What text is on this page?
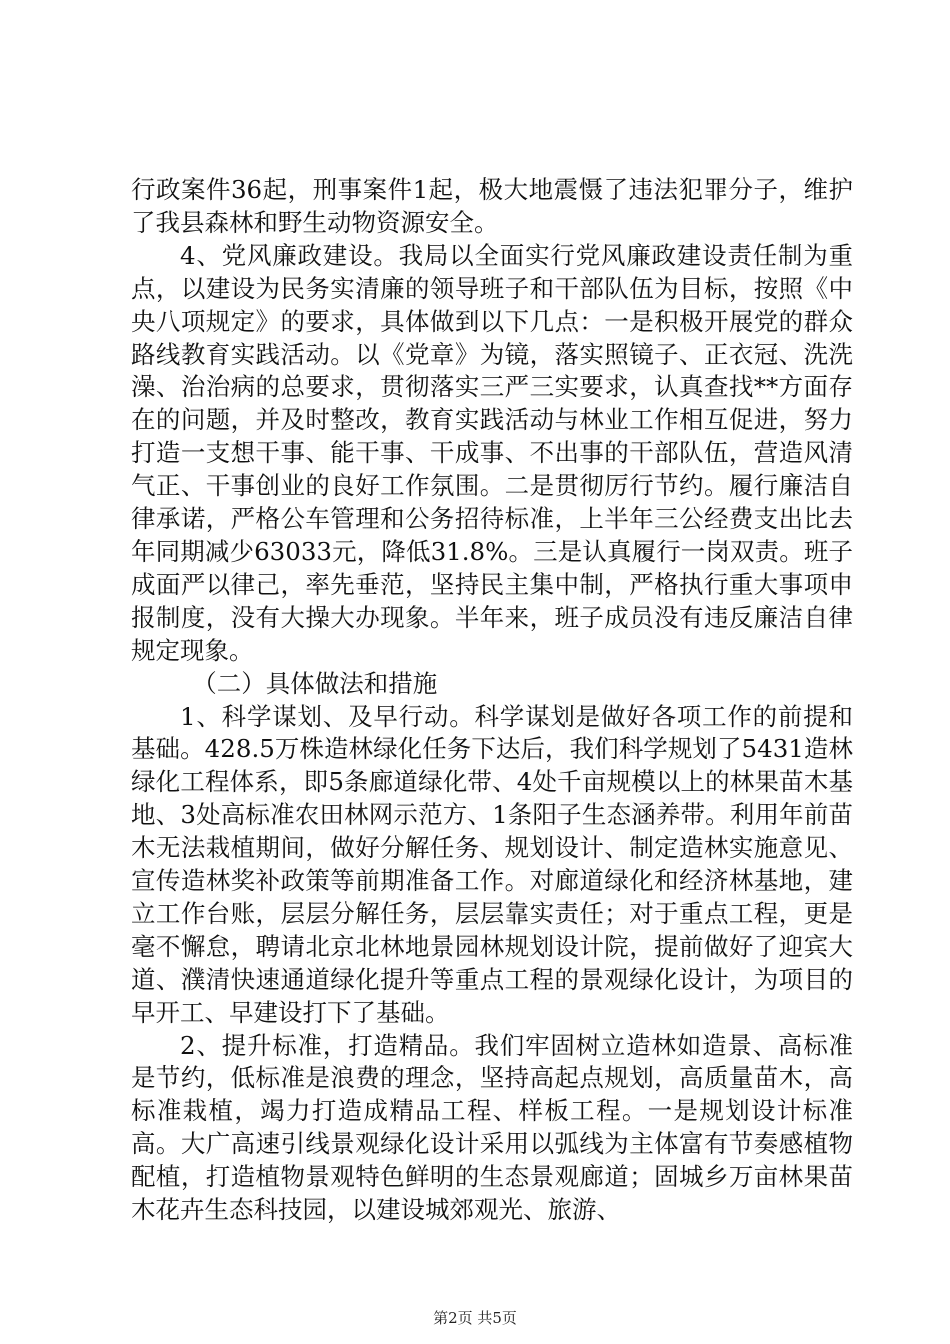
行政案件36起，刑事案件1起，极大地震慑了违法犯罪分子，维护了我县森林和野生动物资源安全。

4、党风廉政建设。我局以全面实行党风廉政建设责任制为重点，以建设为民务实清廉的领导班子和干部队伍为目标，按照《中央八项规定》的要求，具体做到以下几点：一是积极开展党的群众路线教育实践活动。以《党章》为镜，落实照镜子、正衣冠、洗洗澡、治治病的总要求，贯彻落实三严三实要求，认真查找**方面存在的问题，并及时整改，教育实践活动与林业工作相互促进，努力打造一支想干事、能干事、干成事、不出事的干部队伍，营造风清气正、干事创业的良好工作氛围。二是贯彻厉行节约。履行廉洁自律承诺，严格公车管理和公务招待标准，上半年三公经费支出比去年同期减少63033元，降低31.8%。三是认真履行一岗双责。班子成面严以律己，率先垂范，坚持民主集中制，严格执行重大事项申报制度，没有大操大办现象。半年来，班子成员没有违反廉洁自律规定现象。

（二）具体做法和措施

1、科学谋划、及早行动。科学谋划是做好各项工作的前提和基础。428.5万株造林绿化任务下达后，我们科学规划了5431造林绿化工程体系，即5条廊道绿化带、4处千亩规模以上的林果苗木基地、3处高标准农田林网示范方、1条阳子生态涵养带。利用年前苗木无法栽植期间，做好分解任务、规划设计、制定造林实施意见、宣传造林奖补政策等前期准备工作。对廊道绿化和经济林基地，建立工作台账，层层分解任务，层层靠实责任；对于重点工程，更是毫不懈怠，聘请北京北林地景园林规划设计院，提前做好了迎宾大道、濮清快速通道绿化提升等重点工程的景观绿化设计，为项目的早开工、早建设打下了基础。

2、提升标准，打造精品。我们牢固树立造林如造景、高标准是节约，低标准是浪费的理念，坚持高起点规划，高质量苗木，高标准栽植，竭力打造成精品工程、样板工程。一是规划设计标准高。大广高速引线景观绿化设计采用以弧线为主体富有节奏感植物配植，打造植物景观特色鲜明的生态景观廊道；固城乡万亩林果苗木花卉生态科技园，以建设城郊观光、旅游、

第2页 共5页
